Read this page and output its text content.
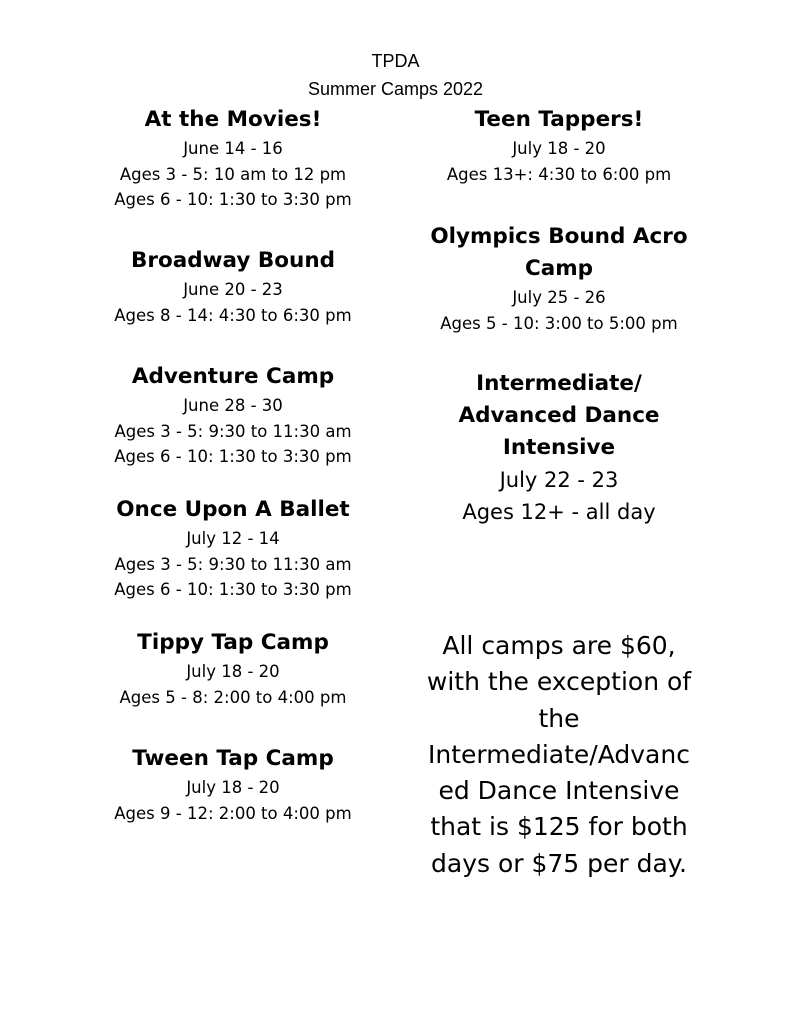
TPDA
Summer Camps 2022
At the Movies!
June 14 - 16
Ages 3 - 5: 10 am to 12 pm
Ages 6 - 10: 1:30 to 3:30 pm
Broadway Bound
June 20 - 23
Ages 8 - 14: 4:30 to 6:30 pm
Adventure Camp
June 28 - 30
Ages 3 - 5: 9:30 to 11:30 am
Ages 6 - 10: 1:30 to 3:30 pm
Once Upon A Ballet
July 12 - 14
Ages 3 - 5: 9:30 to 11:30 am
Ages 6 - 10: 1:30 to 3:30 pm
Tippy Tap Camp
July 18 - 20
Ages 5 - 8: 2:00 to 4:00 pm
Tween Tap Camp
July 18 - 20
Ages 9 - 12: 2:00 to 4:00 pm
Teen Tappers!
July 18 - 20
Ages 13+: 4:30 to 6:00 pm
Olympics Bound Acro
Camp
July 25 - 26
Ages 5 - 10: 3:00 to 5:00 pm
Intermediate/
Advanced Dance
Intensive
July 22 - 23
Ages 12+ - all day
All camps are $60,
with the exception of
the
Intermediate/Advanc
ed Dance Intensive
that is $125 for both
days or $75 per day.
